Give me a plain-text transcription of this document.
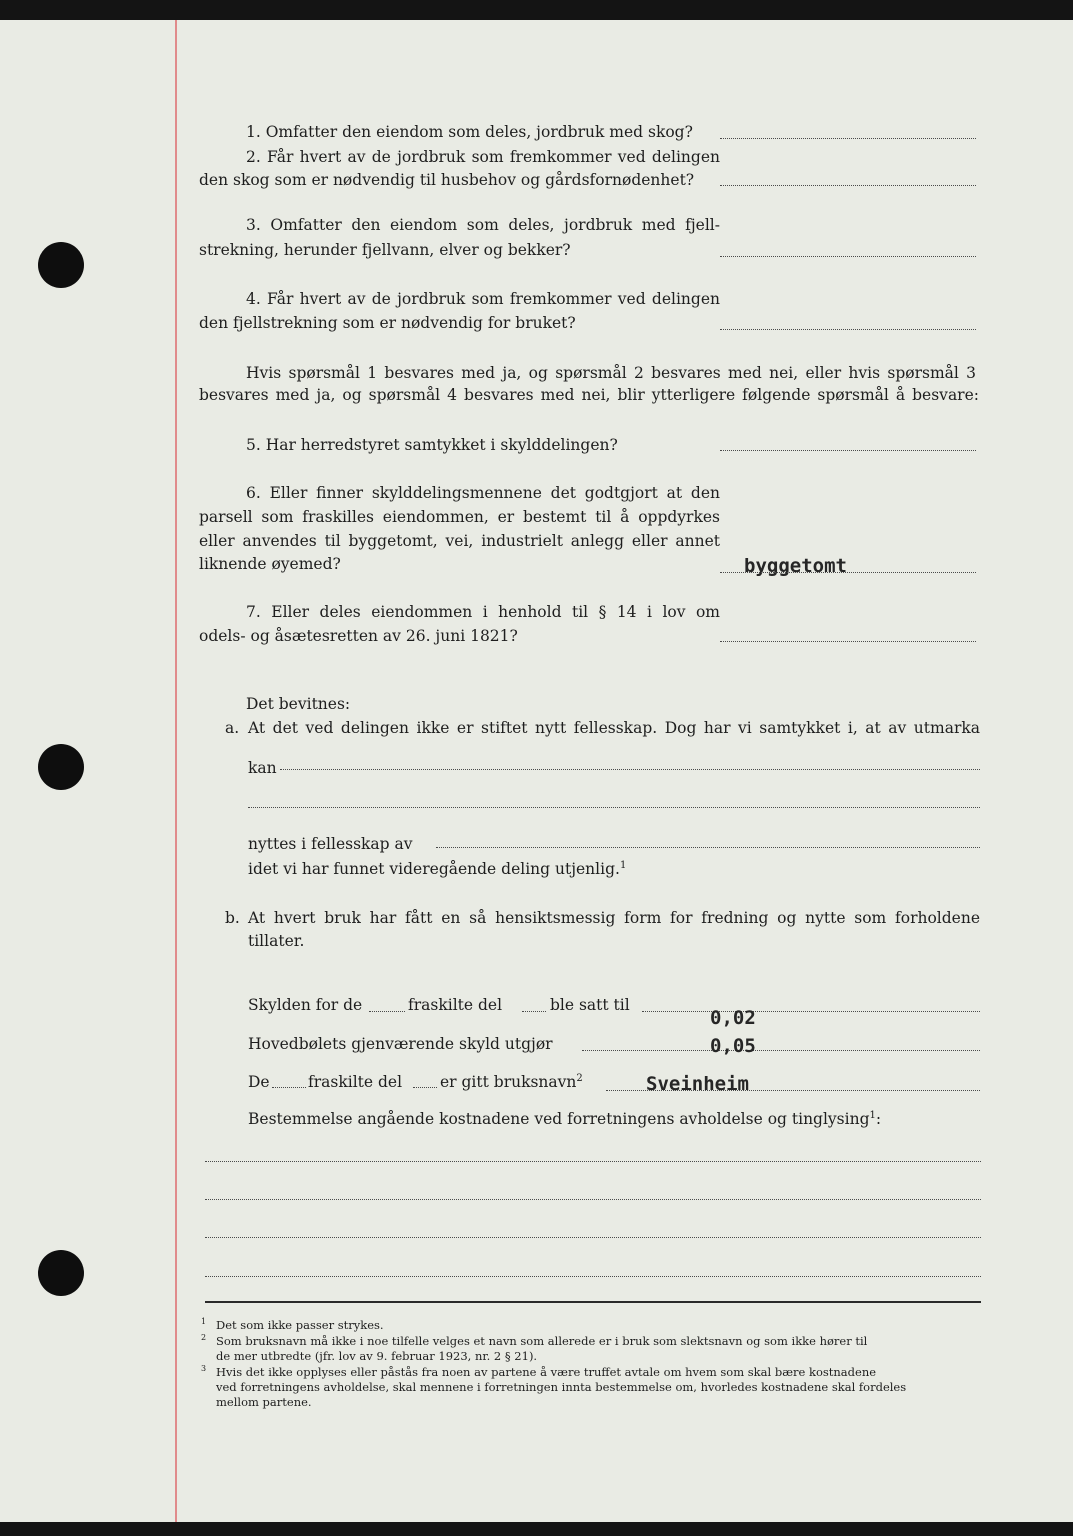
1. Omfatter den eiendom som deles, jordbruk med skog?

2. Får hvert av de jordbruk som fremkommer ved delingen

den skog som er nødvendig til husbehov og gårdsfornødenhet?

3. Omfatter den eiendom som deles, jordbruk med fjell-

strekning, herunder fjellvann, elver og bekker?

4. Får hvert av de jordbruk som fremkommer ved delingen

den fjellstrekning som er nødvendig for bruket?

Hvis spørsmål 1 besvares med ja, og spørsmål 2 besvares med nei, eller hvis spørsmål 3

besvares med ja, og spørsmål 4 besvares med nei, blir ytterligere følgende spørsmål å besvare:

5. Har herredstyret samtykket i skylddelingen?

6. Eller finner skylddelingsmennene det godtgjort at den

parsell som fraskilles eiendommen, er bestemt til å oppdyrkes

eller anvendes til byggetomt, vei, industrielt anlegg eller annet

liknende øyemed?	byggetomt

7. Eller deles eiendommen i henhold til § 14 i lov om

odels- og åsætesretten av 26. juni 1821?

Det bevitnes:

a. At det ved delingen ikke er stiftet nytt fellesskap. Dog har vi samtykket i, at av utmarka

kan

nyttes i fellesskap av

idet vi har funnet videregående deling utjenlig.$^1$

b. At hvert bruk har fått en så hensiktsmessig form for fredning og nytte som forholdene

tillater.

Skylden for de	fraskilte del	ble satt til

0,02

Hovedbølets gjenværende skyld utgjør	0,05

De fraskilte del er gitt bruksnavn$^2$	Sveinheim

Bestemmelse angående kostnadene ved forretningens avholdelse og tinglysing$^1$:

$^1$ Det som ikke passer strykes.

$^2$ Som bruksnavn må ikke i noe tilfelle velges et navn som allerede er i bruk som slektsnavn og som ikke hører til

de mer utbredte (jfr. lov av 9. februar 1923, nr. 2 § 21).

$^3$ Hvis det ikke opplyses eller påstås fra noen av partene å være truffet avtale om hvem som skal bære kostnadene

ved forretningens avholdelse, skal mennene i forretningen innta bestemmelse om, hvorledes kostnadene skal fordeles

mellom partene.
